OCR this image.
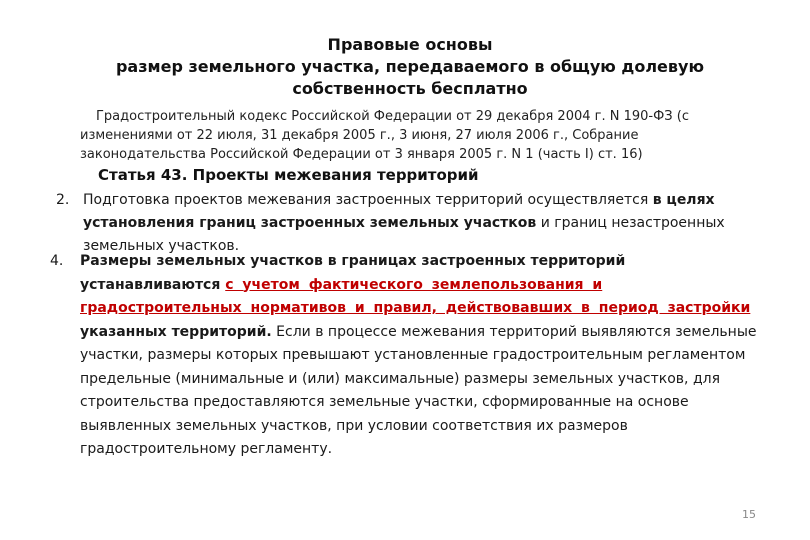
Правовые основы
размер земельного участка, передаваемого в общую долевую
собственность бесплатно
Градостроительный кодекс Российской Федерации от 29 декабря 2004 г. N 190-ФЗ (с
изменениями от 22 июля, 31 декабря 2005 г., 3 июня, 27 июля 2006 г., Собрание
законодательства Российской Федерации от 3 января 2005 г. N 1 (часть I) ст. 16)
Статья 43. Проекты межевания территорий
2. Подготовка проектов межевания застроенных территорий осуществляется в целях установления границ застроенных земельных участков и границ незастроенных земельных участков.
4. Размеры земельных участков в границах застроенных территорий устанавливаются с учетом фактического землепользования и градостроительных нормативов и правил, действовавших в период застройки указанных территорий. Если в процессе межевания территорий выявляются земельные участки, размеры которых превышают установленные градостроительным регламентом предельные (минимальные и (или) максимальные) размеры земельных участков, для строительства предоставляются земельные участки, сформированные на основе выявленных земельных участков, при условии соответствия их размеров градостроительному регламенту.
15
